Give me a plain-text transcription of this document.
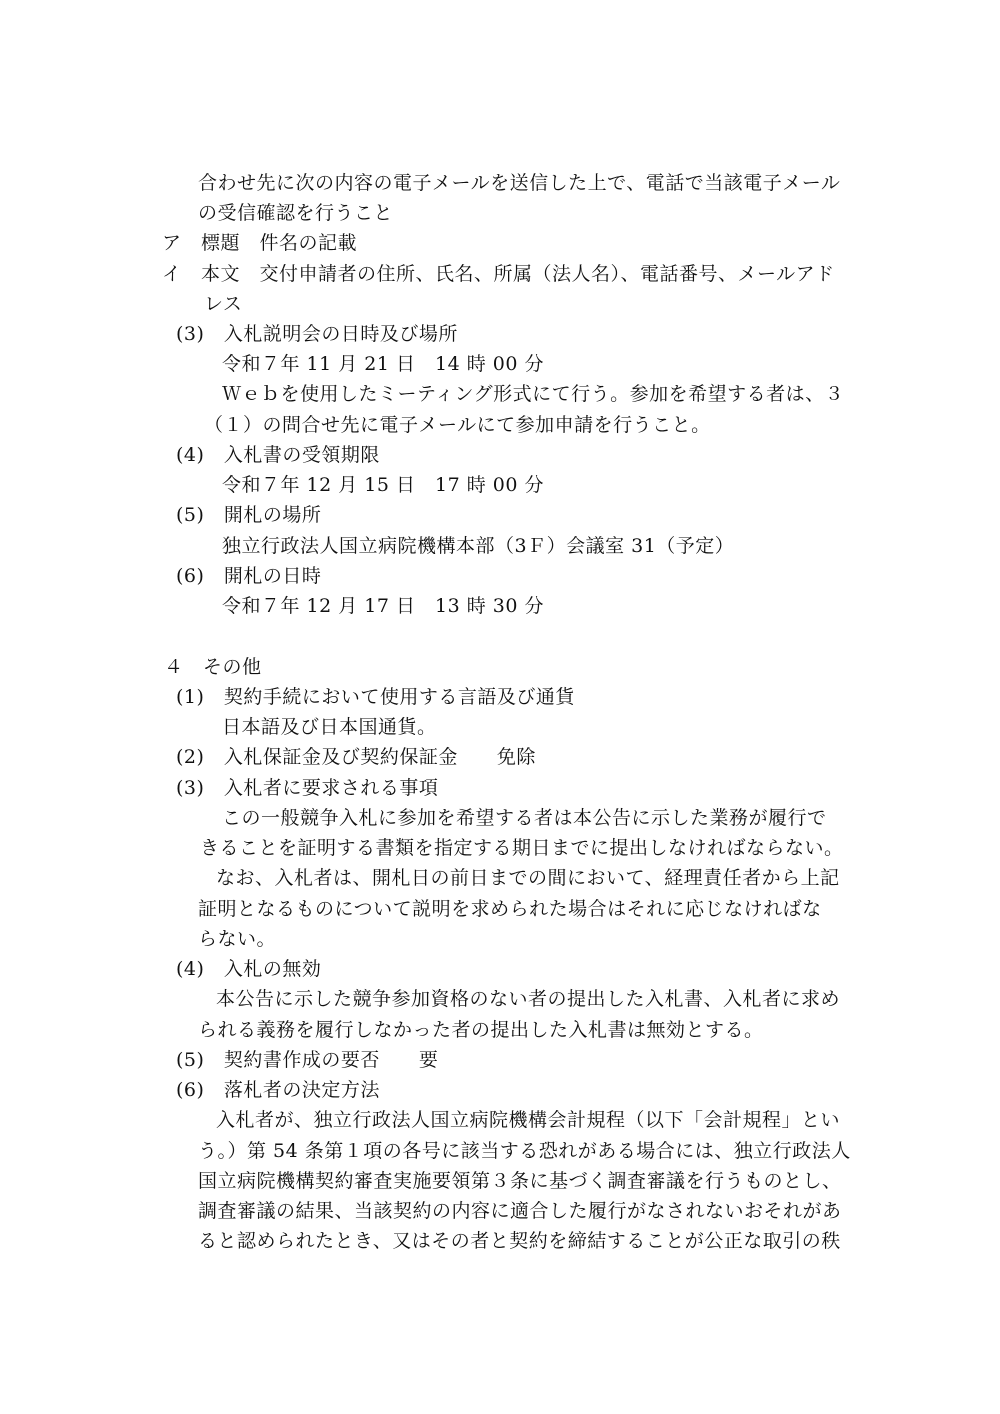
合わせ先に次の内容の電子メールを送信した上で、電話で当該電子メール
の受信確認を行うこと
ア　標題　件名の記載
イ　本文　交付申請者の住所、氏名、所属（法人名）、電話番号、メールアド
レス
(3)　入札説明会の日時及び場所
令和７年 11 月 21 日　14 時 00 分
Ｗｅｂを使用したミーティング形式にて行う。参加を希望する者は、３
（１）の問合せ先に電子メールにて参加申請を行うこと。
(4)　入札書の受領期限
令和７年 12 月 15 日　17 時 00 分
(5)　開札の場所
独立行政法人国立病院機構本部（3Ｆ）会議室 31（予定）
(6)　開札の日時
令和７年 12 月 17 日　13 時 30 分
４　その他
(1)　契約手続において使用する言語及び通貨
日本語及び日本国通貨。
(2)　入札保証金及び契約保証金　　免除
(3)　入札者に要求される事項
この一般競争入札に参加を希望する者は本公告に示した業務が履行で
きることを証明する書類を指定する期日までに提出しなければならない。
なお、入札者は、開札日の前日までの間において、経理責任者から上記
証明となるものについて説明を求められた場合はそれに応じなければな
らない。
(4)　入札の無効
本公告に示した競争参加資格のない者の提出した入札書、入札者に求め
られる義務を履行しなかった者の提出した入札書は無効とする。
(5)　契約書作成の要否　　要
(6)　落札者の決定方法
入札者が、独立行政法人国立病院機構会計規程（以下「会計規程」とい
う。）第 54 条第１項の各号に該当する恐れがある場合には、独立行政法人
国立病院機構契約審査実施要領第３条に基づく調査審議を行うものとし、
調査審議の結果、当該契約の内容に適合した履行がなされないおそれがあ
ると認められたとき、又はその者と契約を締結することが公正な取引の秩
